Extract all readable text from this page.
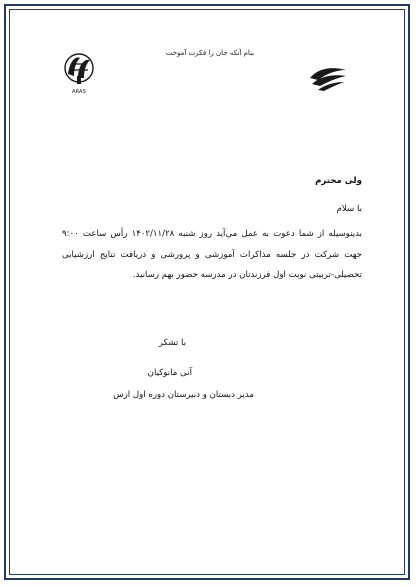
بنام آنکه جان را فکرت آموخت
ARAS
ولی محترم
با سلام
بدینوسیله از شما دعوت به عمل می‌آید روز شنبه ۱۴۰۲/۱۱/۲۸ رأس ساعت ۹:۰۰ جهت شرکت در جلسه مذاکرات آموزشی و پرورشی و دریافت نتایج ارزشیابی تحصیلی-تربیتی نوبت اول فرزندتان در مدرسه حضور بهم رسانید.
با تشکر
آنی مانوکیان
مدیر دبستان و دبیرستان دوره اول ارس
